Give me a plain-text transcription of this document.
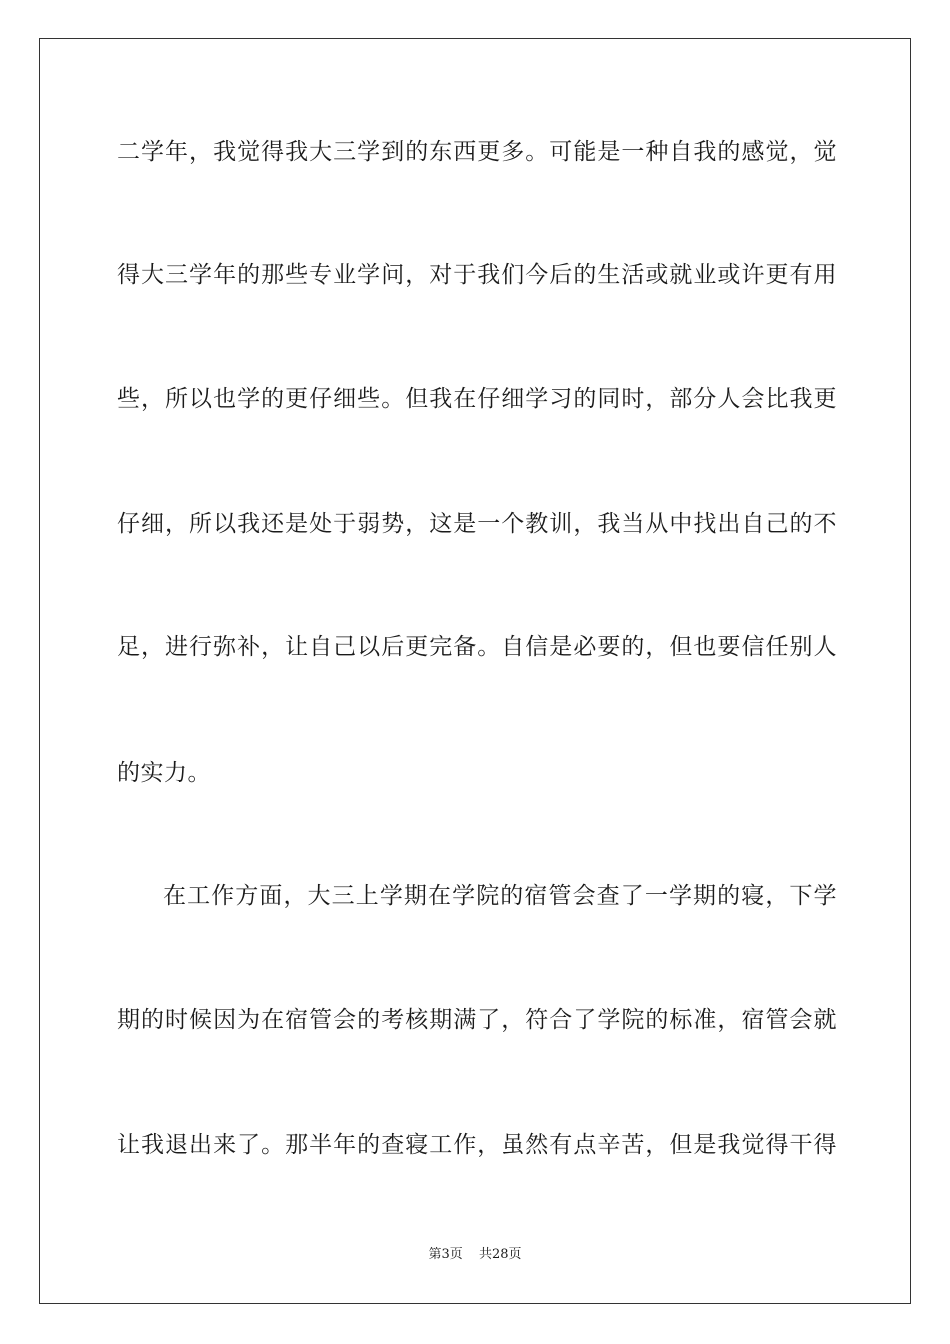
二学年，我觉得我大三学到的东西更多。可能是一种自我的感觉，觉
得大三学年的那些专业学问，对于我们今后的生活或就业或许更有用
些，所以也学的更仔细些。但我在仔细学习的同时，部分人会比我更
仔细，所以我还是处于弱势，这是一个教训，我当从中找出自己的不
足，进行弥补，让自己以后更完备。自信是必要的，但也要信任别人
的实力。
在工作方面，大三上学期在学院的宿管会查了一学期的寝，下学
期的时候因为在宿管会的考核期满了，符合了学院的标准，宿管会就
让我退出来了。那半年的查寝工作，虽然有点辛苦，但是我觉得干得
第3页 共28页
